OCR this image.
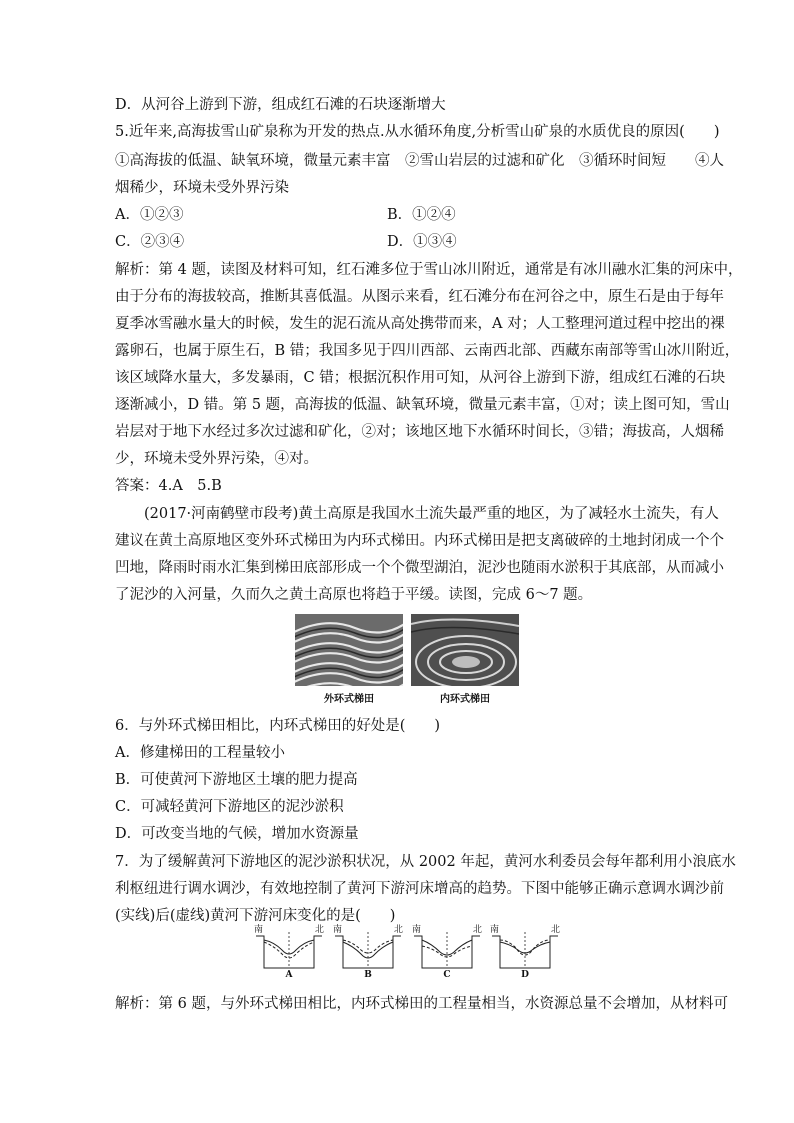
D．从河谷上游到下游，组成红石滩的石块逐渐增大
5.近年来,高海拔雪山矿泉称为开发的热点.从水循环角度,分析雪山矿泉的水质优良的原因(　　)
①高海拔的低温、缺氧环境，微量元素丰富　②雪山岩层的过滤和矿化　③循环时间短　　④人
烟稀少，环境未受外界污染
A．①②③	B．①②④
C．②③④	D．①③④
解析：第 4 题，读图及材料可知，红石滩多位于雪山冰川附近，通常是有冰川融水汇集的河床中，
由于分布的海拔较高，推断其喜低温。从图示来看，红石滩分布在河谷之中，原生石是由于每年
夏季冰雪融水量大的时候，发生的泥石流从高处携带而来，A 对；人工整理河道过程中挖出的裸
露卵石，也属于原生石，B 错；我国多见于四川西部、云南西北部、西藏东南部等雪山冰川附近，
该区域降水量大，多发暴雨，C 错；根据沉积作用可知，从河谷上游到下游，组成红石滩的石块
逐渐减小，D 错。第 5 题，高海拔的低温、缺氧环境，微量元素丰富，①对；读上图可知，雪山
岩层对于地下水经过多次过滤和矿化，②对；该地区地下水循环时间长，③错；海拔高，人烟稀
少，环境未受外界污染，④对。
答案：4.A　5.B
　　(2017·河南鹤壁市段考)黄土高原是我国水土流失最严重的地区，为了减轻水土流失，有人
建议在黄土高原地区变外环式梯田为内环式梯田。内环式梯田是把支离破碎的土地封闭成一个个
凹地，降雨时雨水汇集到梯田底部形成一个个微型湖泊，泥沙也随雨水淤积于其底部，从而减小
了泥沙的入河量，久而久之黄土高原也将趋于平缓。读图，完成 6～7 题。
外环式梯田	内环式梯田
6．与外环式梯田相比，内环式梯田的好处是(　　)
A．修建梯田的工程量较小
B．可使黄河下游地区土壤的肥力提高
C．可减轻黄河下游地区的泥沙淤积
D．可改变当地的气候，增加水资源量
7．为了缓解黄河下游地区的泥沙淤积状况，从 2002 年起，黄河水利委员会每年都利用小浪底水
利枢纽进行调水调沙，有效地控制了黄河下游河床增高的趋势。下图中能够正确示意调水调沙前
(实线)后(虚线)黄河下游河床变化的是(　　)
南	北
A
南	北
B
南	北
C
南	北
D
解析：第 6 题，与外环式梯田相比，内环式梯田的工程量相当，水资源总量不会增加，从材料可
